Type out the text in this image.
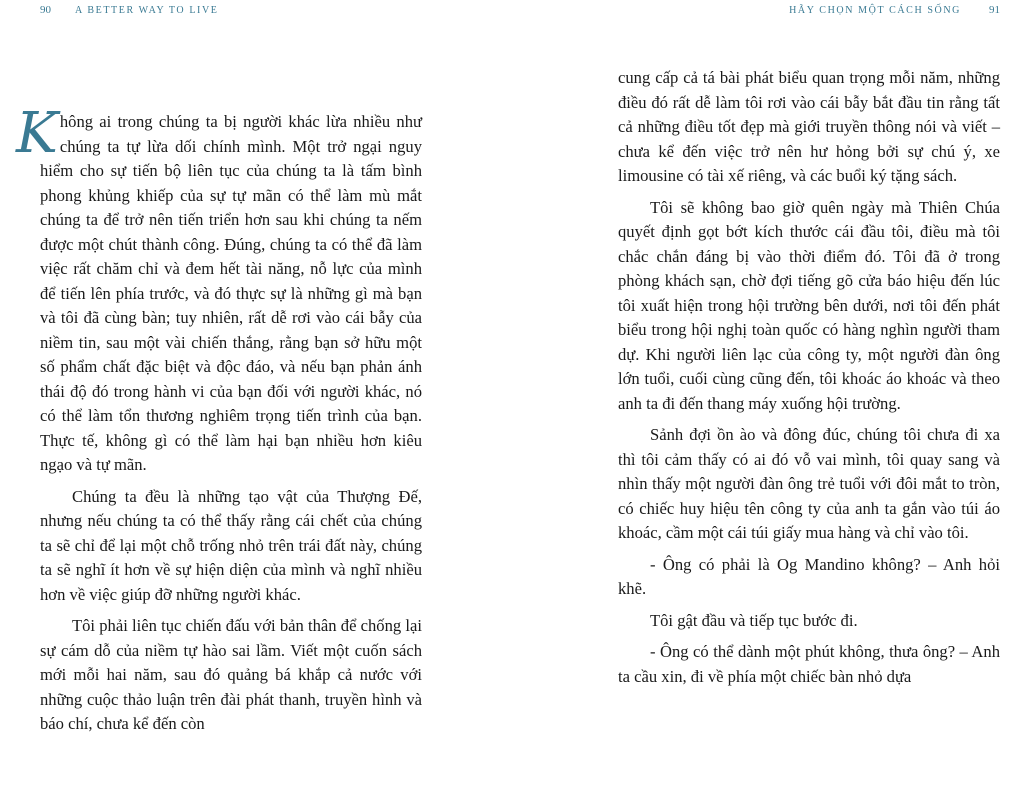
90 A BETTER WAY TO LIVE

Không ai trong chúng ta bị người khác lừa nhiều như chúng ta tự lừa dối chính mình. Một trở ngại nguy hiểm cho sự tiến bộ liên tục của chúng ta là tấm bình phong khủng khiếp của sự tự mãn có thể làm mù mắt chúng ta để trở nên tiến triển hơn sau khi chúng ta nếm được một chút thành công. Đúng, chúng ta có thể đã làm việc rất chăm chỉ và đem hết tài năng, nỗ lực của mình để tiến lên phía trước, và đó thực sự là những gì mà bạn và tôi đã cùng bàn; tuy nhiên, rất dễ rơi vào cái bẫy của niềm tin, sau một vài chiến thắng, rằng bạn sở hữu một số phẩm chất đặc biệt và độc đáo, và nếu bạn phản ánh thái độ đó trong hành vi của bạn đối với người khác, nó có thể làm tổn thương nghiêm trọng tiến trình của bạn. Thực tế, không gì có thể làm hại bạn nhiều hơn kiêu ngạo và tự mãn.

Chúng ta đều là những tạo vật của Thượng Đế, nhưng nếu chúng ta có thể thấy rằng cái chết của chúng ta sẽ chỉ để lại một chỗ trống nhỏ trên trái đất này, chúng ta sẽ nghĩ ít hơn về sự hiện diện của mình và nghĩ nhiều hơn về việc giúp đỡ những người khác.

Tôi phải liên tục chiến đấu với bản thân để chống lại sự cám dỗ của niềm tự hào sai lầm. Viết một cuốn sách mới mỗi hai năm, sau đó quảng bá khắp cả nước với những cuộc thảo luận trên đài phát thanh, truyền hình và báo chí, chưa kể đến còn

HÃY CHỌN MỘT CÁCH SỐNG	91

cung cấp cả tá bài phát biểu quan trọng mỗi năm, những điều đó rất dễ làm tôi rơi vào cái bẫy bắt đầu tin rằng tất cả những điều tốt đẹp mà giới truyền thông nói và viết – chưa kể đến việc trở nên hư hỏng bởi sự chú ý, xe limousine có tài xế riêng, và các buổi ký tặng sách.

Tôi sẽ không bao giờ quên ngày mà Thiên Chúa quyết định gọt bớt kích thước cái đầu tôi, điều mà tôi chắc chắn đáng bị vào thời điểm đó. Tôi đã ở trong phòng khách sạn, chờ đợi tiếng gõ cửa báo hiệu đến lúc tôi xuất hiện trong hội trường bên dưới, nơi tôi đến phát biểu trong hội nghị toàn quốc có hàng nghìn người tham dự. Khi người liên lạc của công ty, một người đàn ông lớn tuổi, cuối cùng cũng đến, tôi khoác áo khoác và theo anh ta đi đến thang máy xuống hội trường.

Sảnh đợi ồn ào và đông đúc, chúng tôi chưa đi xa thì tôi cảm thấy có ai đó vỗ vai mình, tôi quay sang và nhìn thấy một người đàn ông trẻ tuổi với đôi mắt to tròn, có chiếc huy hiệu tên công ty của anh ta gắn vào túi áo khoác, cầm một cái túi giấy mua hàng và chỉ vào tôi.

- Ông có phải là Og Mandino không? – Anh hỏi khẽ.

Tôi gật đầu và tiếp tục bước đi.

- Ông có thể dành một phút không, thưa ông? – Anh ta cầu xin, đi về phía một chiếc bàn nhỏ dựa
